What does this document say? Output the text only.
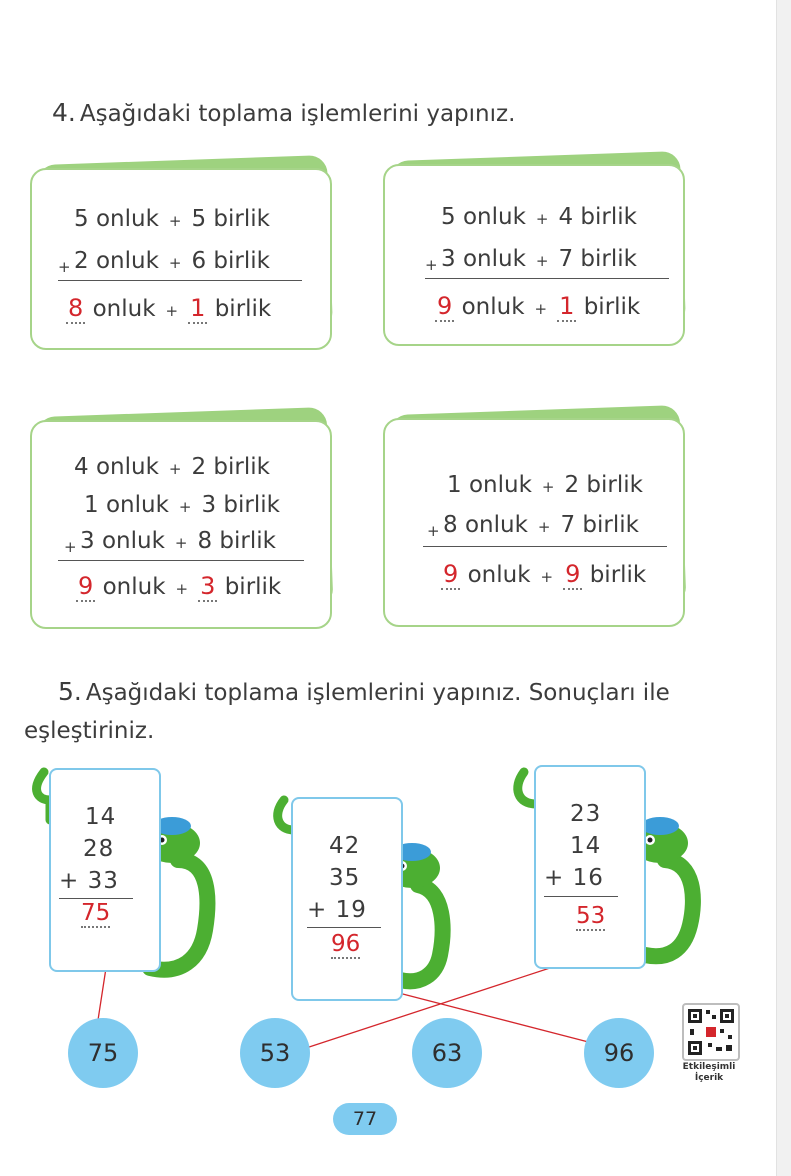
4. Aşağıdaki toplama işlemlerini yapınız.
5 onluk + 5 birlik
+ 2 onluk + 6 birlik
8 onluk + 1 birlik
5 onluk + 4 birlik
+ 3 onluk + 7 birlik
9 onluk + 1 birlik
4 onluk + 2 birlik
1 onluk + 3 birlik
+ 3 onluk + 8 birlik
9 onluk + 3 birlik
1 onluk + 2 birlik
+ 8 onluk + 7 birlik
9 onluk + 9 birlik
5. Aşağıdaki toplama işlemlerini yapınız. Sonuçları ile
eşleştiriniz.
14
28
+ 33
75
42
35
+ 19
96
23
14
+ 16
53
75	53	63	96	Etkileşimli
İçerik
77
